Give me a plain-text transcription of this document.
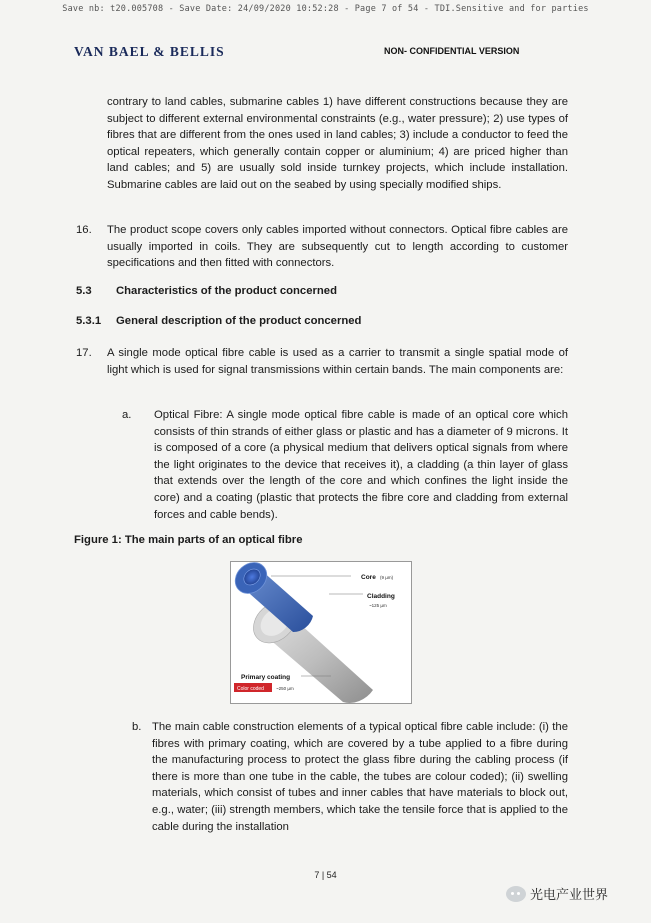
Save nb: t20.005708 - Save Date: 24/09/2020 10:52:28 - Page 7 of 54 - TDI.Sensitive and for parties
VAN BAEL & BELLIS	NON- CONFIDENTIAL VERSION
contrary to land cables, submarine cables 1) have different constructions because they are subject to different external environmental constraints (e.g., water pressure); 2) use types of fibres that are different from the ones used in land cables; 3) include a conductor to feed the optical repeaters, which generally contain copper or aluminium; 4) are priced higher than land cables; and 5) are usually sold inside turnkey projects, which include installation. Submarine cables are laid out on the seabed by using specially modified ships.
16. The product scope covers only cables imported without connectors. Optical fibre cables are usually imported in coils. They are subsequently cut to length according to customer specifications and then fitted with connectors.
5.3 Characteristics of the product concerned
5.3.1 General description of the product concerned
17. A single mode optical fibre cable is used as a carrier to transmit a single spatial mode of light which is used for signal transmissions within certain bands. The main components are:
a. Optical Fibre: A single mode optical fibre cable is made of an optical core which consists of thin strands of either glass or plastic and has a diameter of 9 microns. It is composed of a core (a physical medium that delivers optical signals from where the light originates to the device that receives it), a cladding (a thin layer of glass that extends over the length of the core and which confines the light inside the core) and a coating (plastic that protects the fibre core and cladding from external forces and cable bends).
Figure 1: The main parts of an optical fibre
Core (9 µm)
Cladding
~125 µm
Primary coating
Color coded	~250 µm
b. The main cable construction elements of a typical optical fibre cable include: (i) the fibres with primary coating, which are covered by a tube applied to a fibre during the manufacturing process to protect the glass fibre during the cabling process (if there is more than one tube in the cable, the tubes are colour coded); (ii) swelling materials, which consist of tubes and inner cables that have materials to block out, e.g., water; (iii) strength members, which take the tensile force that is applied to the cable during the installation
7 | 54
光电产业世界
